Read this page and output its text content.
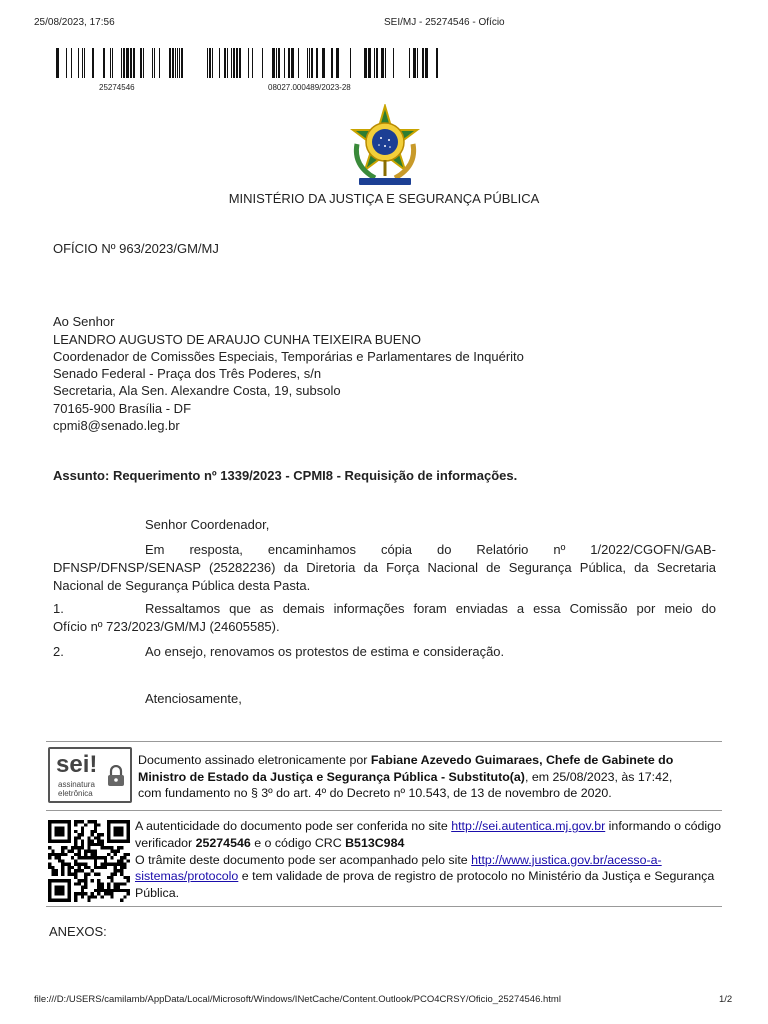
25/08/2023, 17:56	SEI/MJ - 25274546 - Ofício
25274546	08027.000489/2023-28
MINISTÉRIO DA JUSTIÇA E SEGURANÇA PÚBLICA
OFÍCIO Nº 963/2023/GM/MJ
Ao Senhor
LEANDRO AUGUSTO DE ARAUJO CUNHA TEIXEIRA BUENO
Coordenador de Comissões Especiais, Temporárias e Parlamentares de Inquérito
Senado Federal - Praça dos Três Poderes, s/n
Secretaria, Ala Sen. Alexandre Costa, 19, subsolo
70165-900 Brasília - DF
cpmi8@senado.leg.br
Assunto: Requerimento nº 1339/2023 - CPMI8 - Requisição de informações.
Senhor Coordenador,
Em resposta, encaminhamos cópia do Relatório nº 1/2022/CGOFN/GAB-
DFNSP/DFNSP/SENASP (25282236) da Diretoria da Força Nacional de Segurança Pública, da Secretaria
Nacional de Segurança Pública desta Pasta.
1.	Ressaltamos que as demais informações foram enviadas a essa Comissão por meio do
Ofício nº 723/2023/GM/MJ (24605585).
2.	Ao ensejo, renovamos os protestos de estima e consideração.
Atenciosamente,
sei!
assinatura
eletrônica
Documento assinado eletronicamente por Fabiane Azevedo Guimaraes, Chefe de Gabinete do Ministro de Estado da Justiça e Segurança Pública - Substituto(a), em 25/08/2023, às 17:42, com fundamento no § 3º do art. 4º do Decreto nº 10.543, de 13 de novembro de 2020.
A autenticidade do documento pode ser conferida no site http://sei.autentica.mj.gov.br informando o código verificador 25274546 e o código CRC B513C984
O trâmite deste documento pode ser acompanhado pelo site http://www.justica.gov.br/acesso-a-sistemas/protocolo e tem validade de prova de registro de protocolo no Ministério da Justiça e Segurança Pública.
ANEXOS:
file:///D:/USERS/camilamb/AppData/Local/Microsoft/Windows/INetCache/Content.Outlook/PCO4CRSY/Oficio_25274546.html	1/2
